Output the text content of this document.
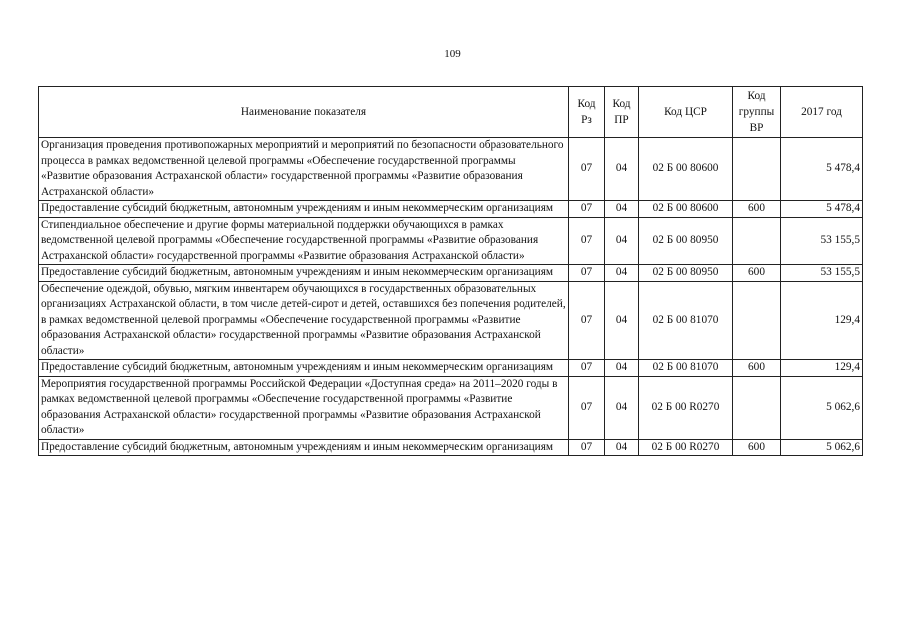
109
Наименование показателя	Код Рз	Код ПР	Код ЦСР	Код группы ВР	2017 год
Организация проведения противопожарных мероприятий и мероприятий по безопасности образовательного процесса в рамках ведомственной целевой программы «Обеспечение государственной программы «Развитие образования Астраханской области» государственной программы «Развитие образования Астраханской области»	07	04	02 Б 00 80600		5 478,4
Предоставление субсидий бюджетным, автономным учреждениям и иным некоммерческим организациям	07	04	02 Б 00 80600	600	5 478,4
Стипендиальное обеспечение и другие формы материальной поддержки обучающихся в рамках ведомственной целевой программы «Обеспечение государственной программы «Развитие образования Астраханской области» государственной программы «Развитие образования Астраханской области»	07	04	02 Б 00 80950		53 155,5
Предоставление субсидий бюджетным, автономным учреждениям и иным некоммерческим организациям	07	04	02 Б 00 80950	600	53 155,5
Обеспечение одеждой, обувью, мягким инвентарем обучающихся в государственных образовательных организациях Астраханской области, в том числе детей-сирот и детей, оставшихся без попечения родителей, в рамках ведомственной целевой программы «Обеспечение государственной программы «Развитие образования Астраханской области» государственной программы «Развитие образования Астраханской области»	07	04	02 Б 00 81070		129,4
Предоставление субсидий бюджетным, автономным учреждениям и иным некоммерческим организациям	07	04	02 Б 00 81070	600	129,4
Мероприятия государственной программы Российской Федерации «Доступная среда» на 2011–2020 годы в рамках ведомственной целевой программы «Обеспечение государственной программы «Развитие образования Астраханской области» государственной программы «Развитие образования Астраханской области»	07	04	02 Б 00 R0270		5 062,6
Предоставление субсидий бюджетным, автономным учреждениям и иным некоммерческим организациям	07	04	02 Б 00 R0270	600	5 062,6
